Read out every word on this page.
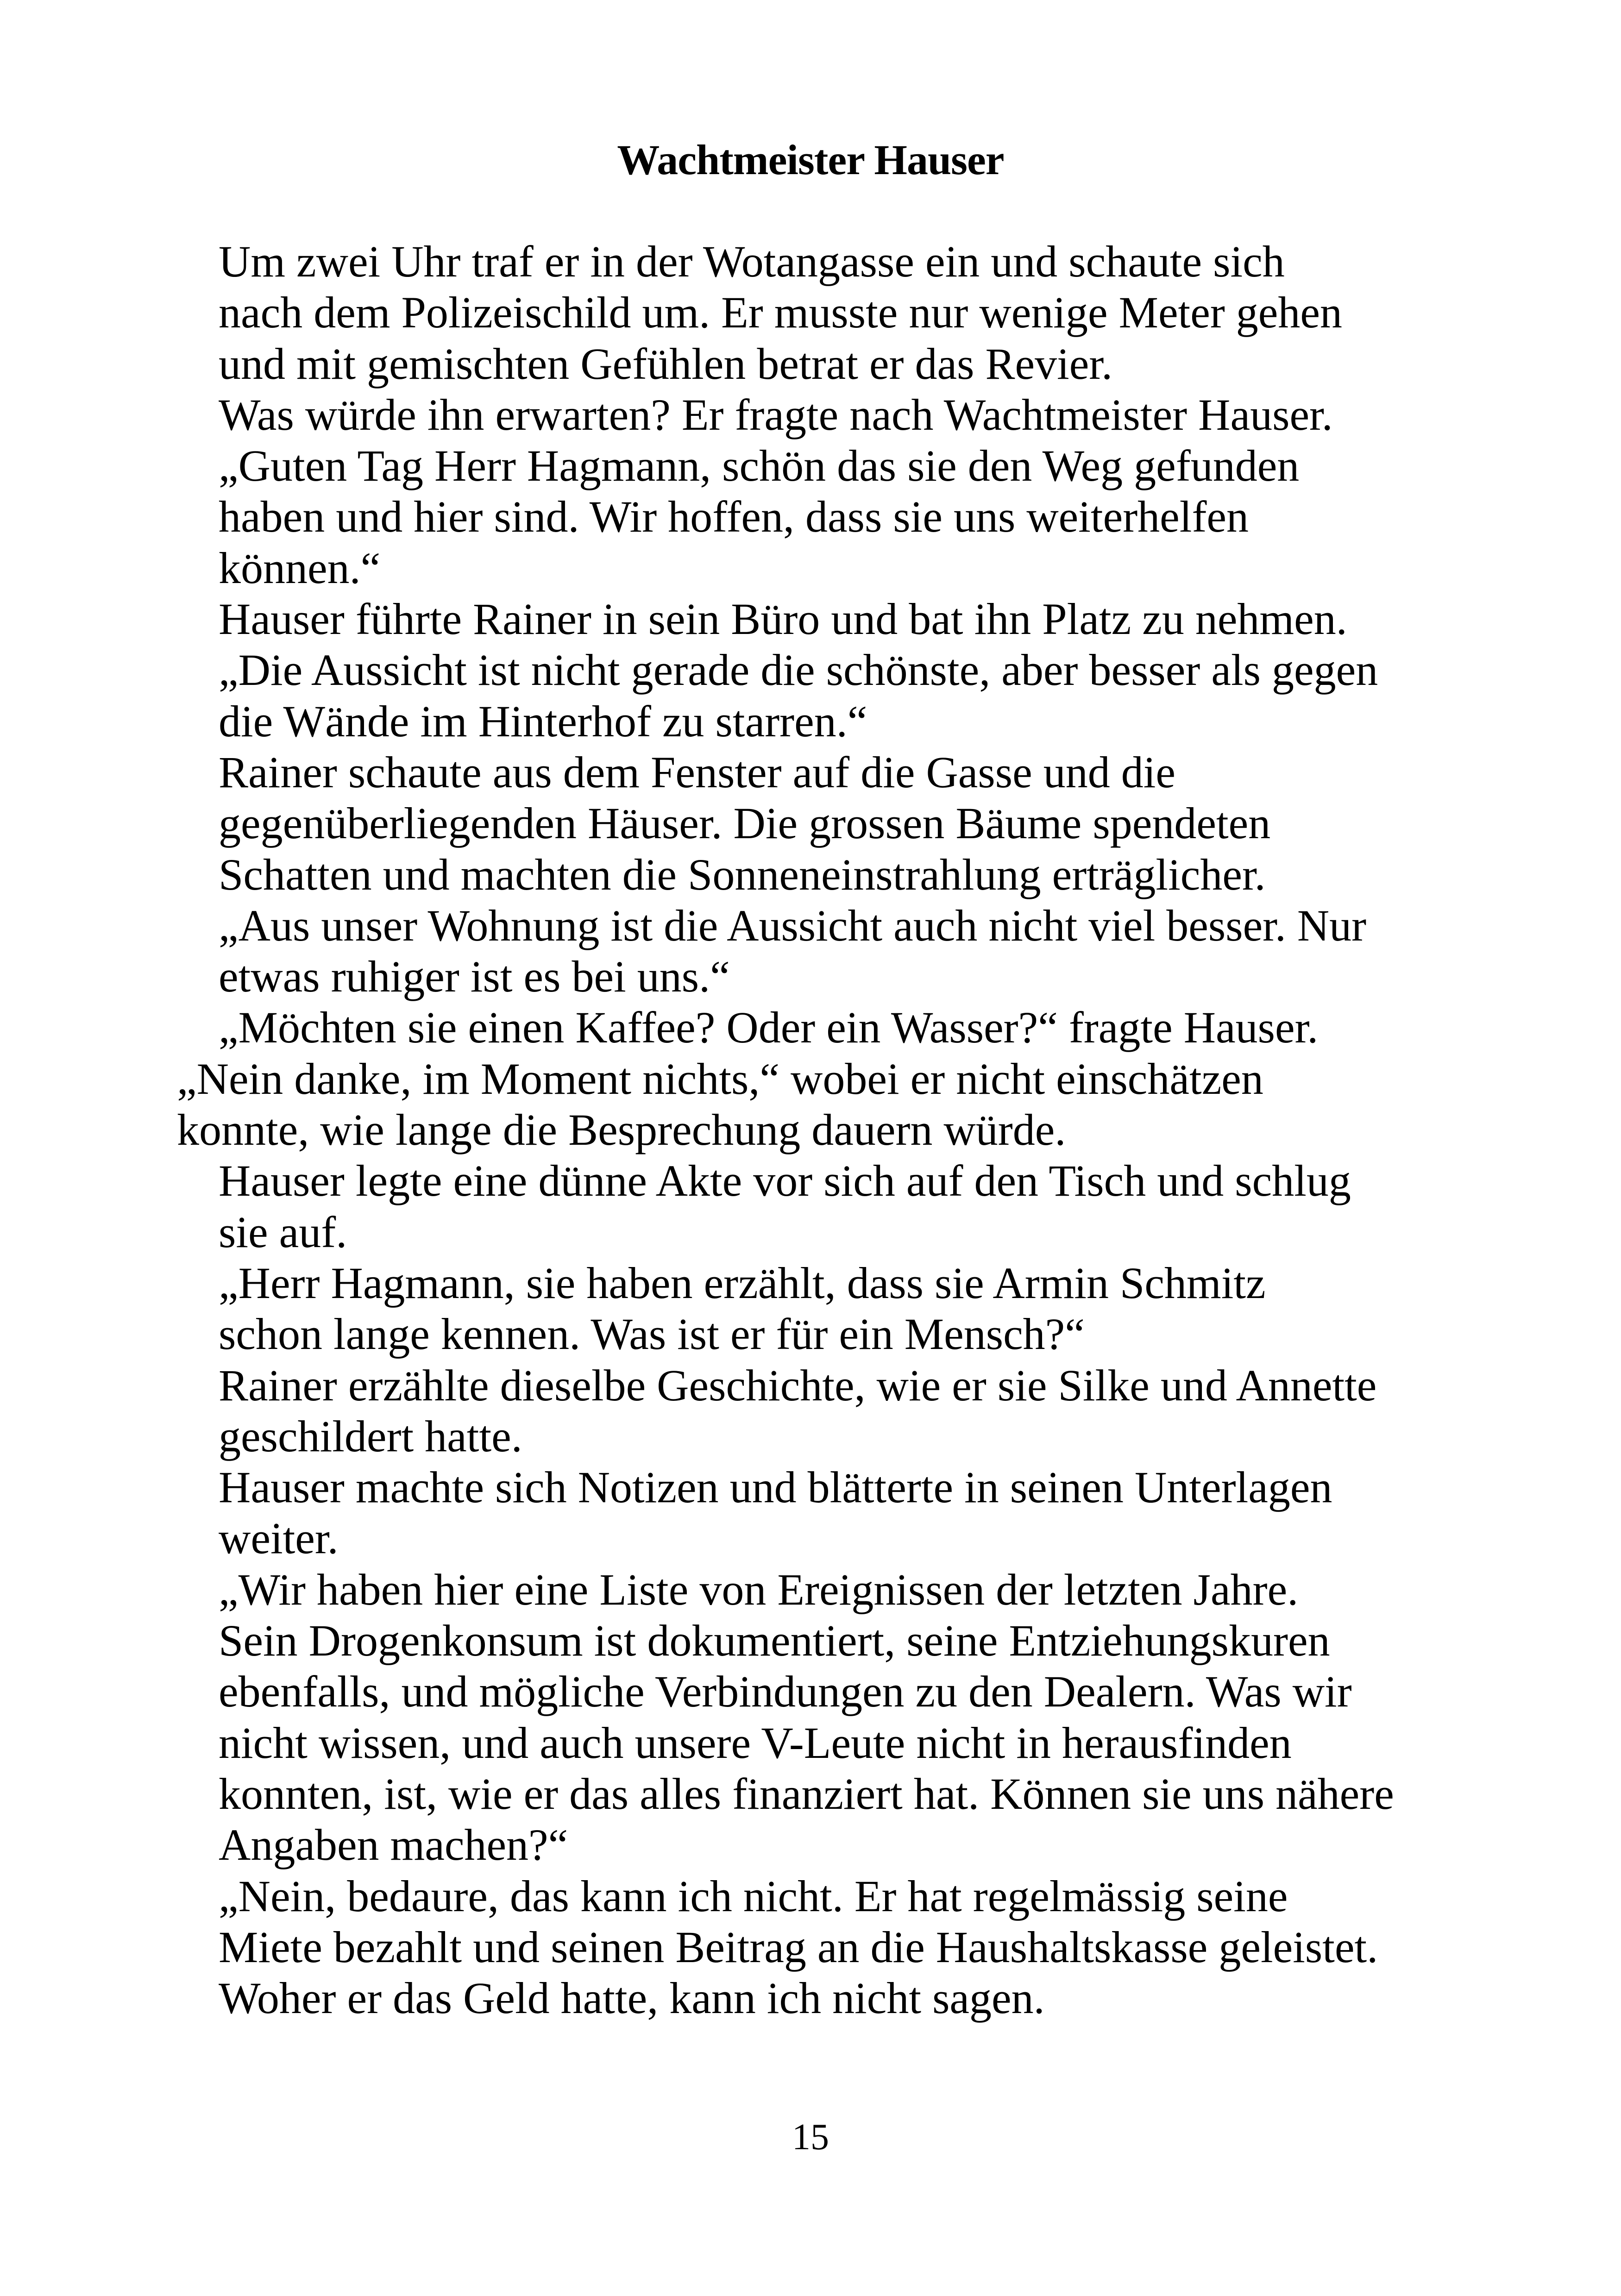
Wachtmeister Hauser

Um zwei Uhr traf er in der Wotangasse ein und schaute sich
nach dem Polizeischild um. Er musste nur wenige Meter gehen
und mit gemischten Gefühlen betrat er das Revier.

Was würde ihn erwarten? Er fragte nach Wachtmeister Hauser.

„Guten Tag Herr Hagmann, schön das sie den Weg gefunden
haben und hier sind. Wir hoffen, dass sie uns weiterhelfen
können.“

Hauser führte Rainer in sein Büro und bat ihn Platz zu nehmen.

„Die Aussicht ist nicht gerade die schönste, aber besser als gegen
die Wände im Hinterhof zu starren.“

Rainer schaute aus dem Fenster auf die Gasse und die
gegenüberliegenden Häuser. Die grossen Bäume spendeten
Schatten und machten die Sonneneinstrahlung erträglicher.

„Aus unser Wohnung ist die Aussicht auch nicht viel besser. Nur
etwas ruhiger ist es bei uns.“

„Möchten sie einen Kaffee? Oder ein Wasser?“ fragte Hauser.

„Nein danke, im Moment nichts,“ wobei er nicht einschätzen
konnte, wie lange die Besprechung dauern würde.

Hauser legte eine dünne Akte vor sich auf den Tisch und schlug
sie auf.

„Herr Hagmann, sie haben erzählt, dass sie Armin Schmitz
schon lange kennen. Was ist er für ein Mensch?“

Rainer erzählte dieselbe Geschichte, wie er sie Silke und Annette
geschildert hatte.

Hauser machte sich Notizen und blätterte in seinen Unterlagen
weiter.

„Wir haben hier eine Liste von Ereignissen der letzten Jahre.

Sein Drogenkonsum ist dokumentiert, seine Entziehungskuren
ebenfalls, und mögliche Verbindungen zu den Dealern. Was wir
nicht wissen, und auch unsere V-Leute nicht in herausfinden
konnten, ist, wie er das alles finanziert hat. Können sie uns nähere
Angaben machen?“

„Nein, bedaure, das kann ich nicht. Er hat regelmässig seine
Miete bezahlt und seinen Beitrag an die Haushaltskasse geleistet.
Woher er das Geld hatte, kann ich nicht sagen.

15
